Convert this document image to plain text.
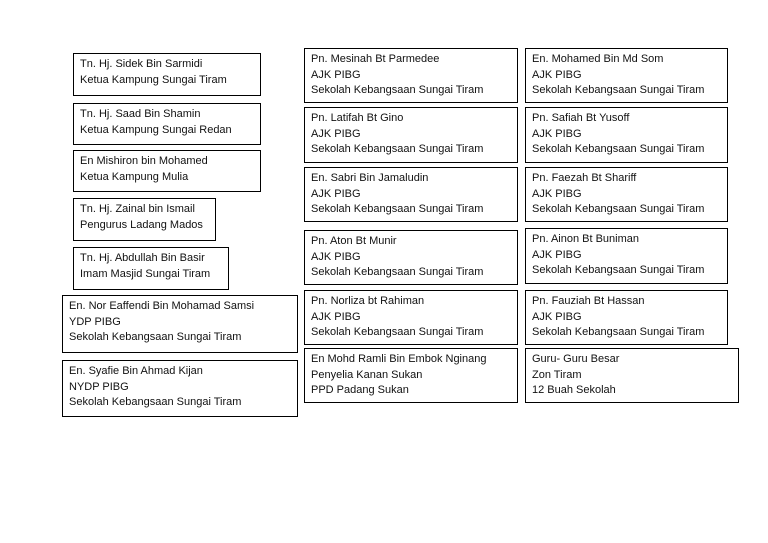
Tn. Hj. Sidek Bin Sarmidi
Ketua Kampung Sungai Tiram
Tn. Hj. Saad Bin Shamin
Ketua Kampung Sungai Redan
En Mishiron bin Mohamed
Ketua Kampung Mulia
Tn. Hj. Zainal bin Ismail
Pengurus Ladang Mados
Tn. Hj. Abdullah Bin Basir
Imam Masjid Sungai Tiram
En. Nor Eaffendi Bin Mohamad Samsi
YDP PIBG
Sekolah Kebangsaan Sungai Tiram
En. Syafie Bin Ahmad Kijan
NYDP PIBG
Sekolah Kebangsaan Sungai Tiram
Pn. Mesinah Bt Parmedee
AJK PIBG
Sekolah Kebangsaan Sungai Tiram
Pn. Latifah Bt Gino
AJK PIBG
Sekolah Kebangsaan Sungai Tiram
En. Sabri Bin Jamaludin
AJK PIBG
Sekolah Kebangsaan Sungai Tiram
Pn. Aton Bt Munir
AJK PIBG
Sekolah Kebangsaan Sungai Tiram
Pn. Norliza bt Rahiman
AJK PIBG
Sekolah Kebangsaan Sungai Tiram
En Mohd Ramli Bin Embok Nginang
Penyelia Kanan Sukan
PPD Padang Sukan
En. Mohamed Bin Md Som
AJK PIBG
Sekolah Kebangsaan Sungai Tiram
Pn. Safiah Bt Yusoff
AJK PIBG
Sekolah Kebangsaan Sungai Tiram
Pn. Faezah Bt Shariff
AJK PIBG
Sekolah Kebangsaan Sungai Tiram
Pn. Ainon Bt Buniman
AJK PIBG
Sekolah Kebangsaan Sungai Tiram
Pn. Fauziah Bt Hassan
AJK PIBG
Sekolah Kebangsaan Sungai Tiram
Guru- Guru Besar
Zon Tiram
12 Buah Sekolah
